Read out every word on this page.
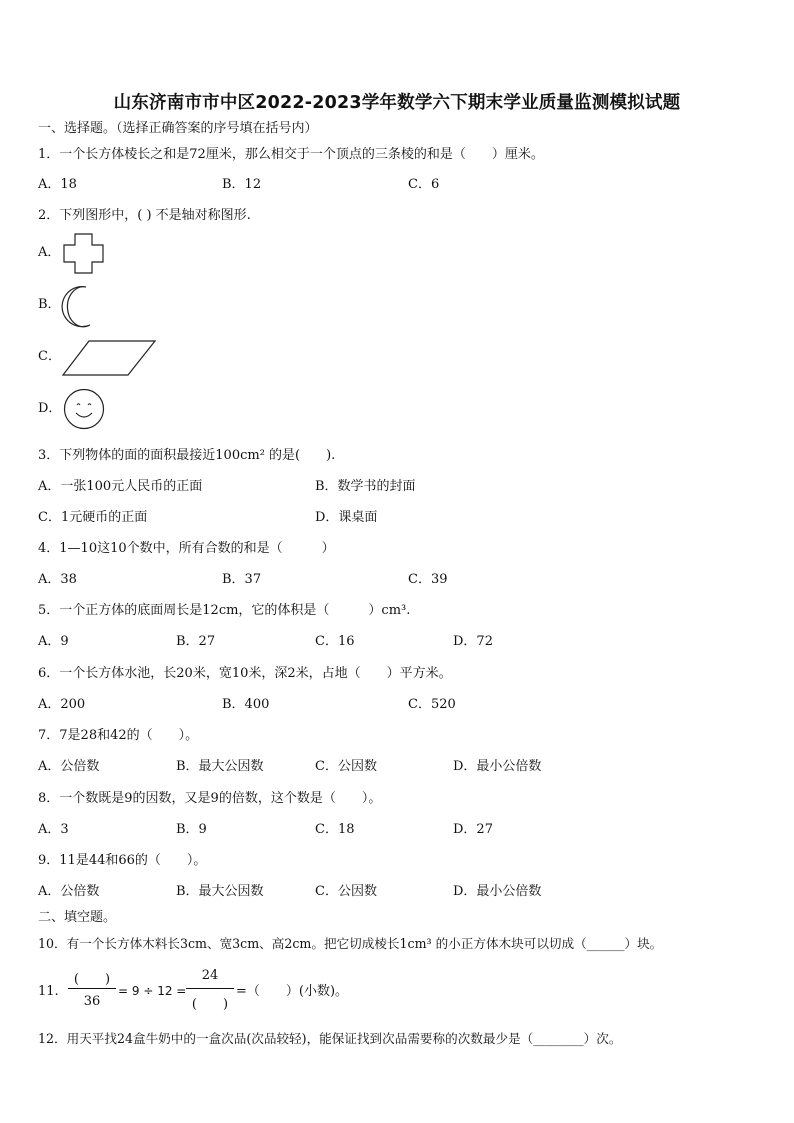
山东济南市市中区2022-2023学年数学六下期末学业质量监测模拟试题
一、选择题。（选择正确答案的序号填在括号内）
1．一个长方体棱长之和是72厘米，那么相交于一个顶点的三条棱的和是（　　）厘米。
A．18	B．12	C．6
2．下列图形中，( ) 不是轴对称图形.
A．
B．
C．
D．
3．下列物体的面的面积最接近100cm² 的是(　　).
A．一张100元人民币的正面	B．数学书的封面
C．1元硬币的正面	D．课桌面
4．1—10这10个数中，所有合数的和是（　　　）
A．38	B．37	C．39
5．一个正方体的底面周长是12cm，它的体积是（　　　）cm³.
A．9	B．27	C．16	D．72
6．一个长方体水池，长20米，宽10米，深2米，占地（　　）平方米。
A．200	B．400	C．520
7．7是28和42的（　　）。
A．公倍数	B．最大公因数	C．公因数	D．最小公倍数
8．一个数既是9的因数，又是9的倍数，这个数是（　　）。
A．3	B．9	C．18	D．27
9．11是44和66的（　　）。
A．公倍数	B．最大公因数	C．公因数	D．最小公倍数
二、填空题。
10．有一个长方体木料长3cm、宽3cm、高2cm。把它切成棱长1cm³ 的小正方体木块可以切成（______）块。
11.
(　　)
36
= 9 ÷ 12 =
24
(　　)
=（　　）(小数)。
12．用天平找24盒牛奶中的一盒次品(次品较轻)，能保证找到次品需要称的次数最少是（________）次。
